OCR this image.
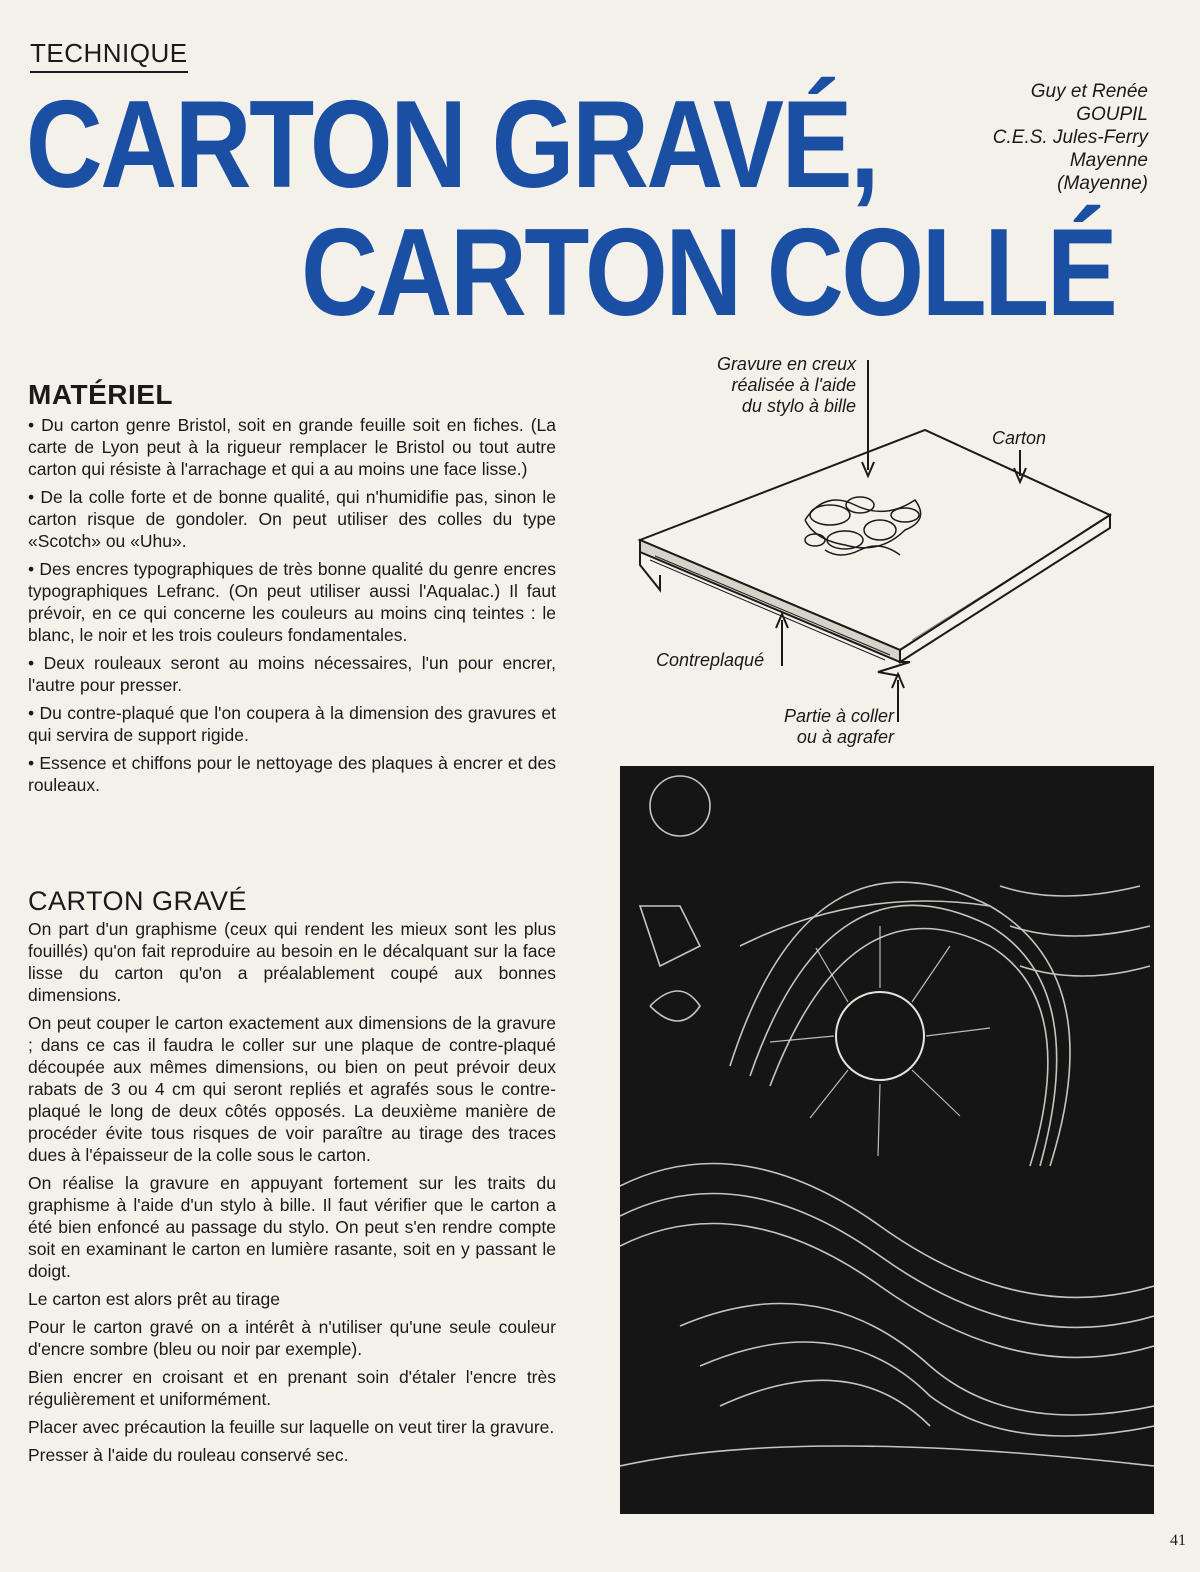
TECHNIQUE
CARTON GRAVÉ,
CARTON COLLÉ
Guy et Renée
GOUPIL
C.E.S. Jules-Ferry
Mayenne
(Mayenne)
MATÉRIEL

• Du carton genre Bristol, soit en grande feuille soit en fiches. (La carte de Lyon peut à la rigueur remplacer le Bristol ou tout autre carton qui résiste à l'arrachage et qui a au moins une face lisse.)

• De la colle forte et de bonne qualité, qui n'humidifie pas, sinon le carton risque de gondoler. On peut utiliser des colles du type «Scotch» ou «Uhu».

• Des encres typographiques de très bonne qualité du genre encres typographiques Lefranc. (On peut utiliser aussi l'Aqualac.) Il faut prévoir, en ce qui concerne les couleurs au moins cinq teintes : le blanc, le noir et les trois couleurs fondamentales.

• Deux rouleaux seront au moins nécessaires, l'un pour encrer, l'autre pour presser.

• Du contre-plaqué que l'on coupera à la dimension des gravures et qui servira de support rigide.

• Essence et chiffons pour le nettoyage des plaques à encrer et des rouleaux.

CARTON GRAVÉ

On part d'un graphisme (ceux qui rendent les mieux sont les plus fouillés) qu'on fait reproduire au besoin en le décalquant sur la face lisse du carton qu'on a préalablement coupé aux bonnes dimensions.

On peut couper le carton exactement aux dimensions de la gravure ; dans ce cas il faudra le coller sur une plaque de contre-plaqué découpée aux mêmes dimensions, ou bien on peut prévoir deux rabats de 3 ou 4 cm qui seront repliés et agrafés sous le contre-plaqué le long de deux côtés opposés. La deuxième manière de procéder évite tous risques de voir paraître au tirage des traces dues à l'épaisseur de la colle sous le carton.

On réalise la gravure en appuyant fortement sur les traits du graphisme à l'aide d'un stylo à bille. Il faut vérifier que le carton a été bien enfoncé au passage du stylo. On peut s'en rendre compte soit en examinant le carton en lumière rasante, soit en y passant le doigt.

Le carton est alors prêt au tirage

Pour le carton gravé on a intérêt à n'utiliser qu'une seule couleur d'encre sombre (bleu ou noir par exemple).

Bien encrer en croisant et en prenant soin d'étaler l'encre très régulièrement et uniformément.

Placer avec précaution la feuille sur laquelle on veut tirer la gravure.

Presser à l'aide du rouleau conservé sec.

Gravure en creux
réalisée à l'aide
du stylo à bille
Carton
Contreplaqué
Partie à coller
ou à agrafer
41
